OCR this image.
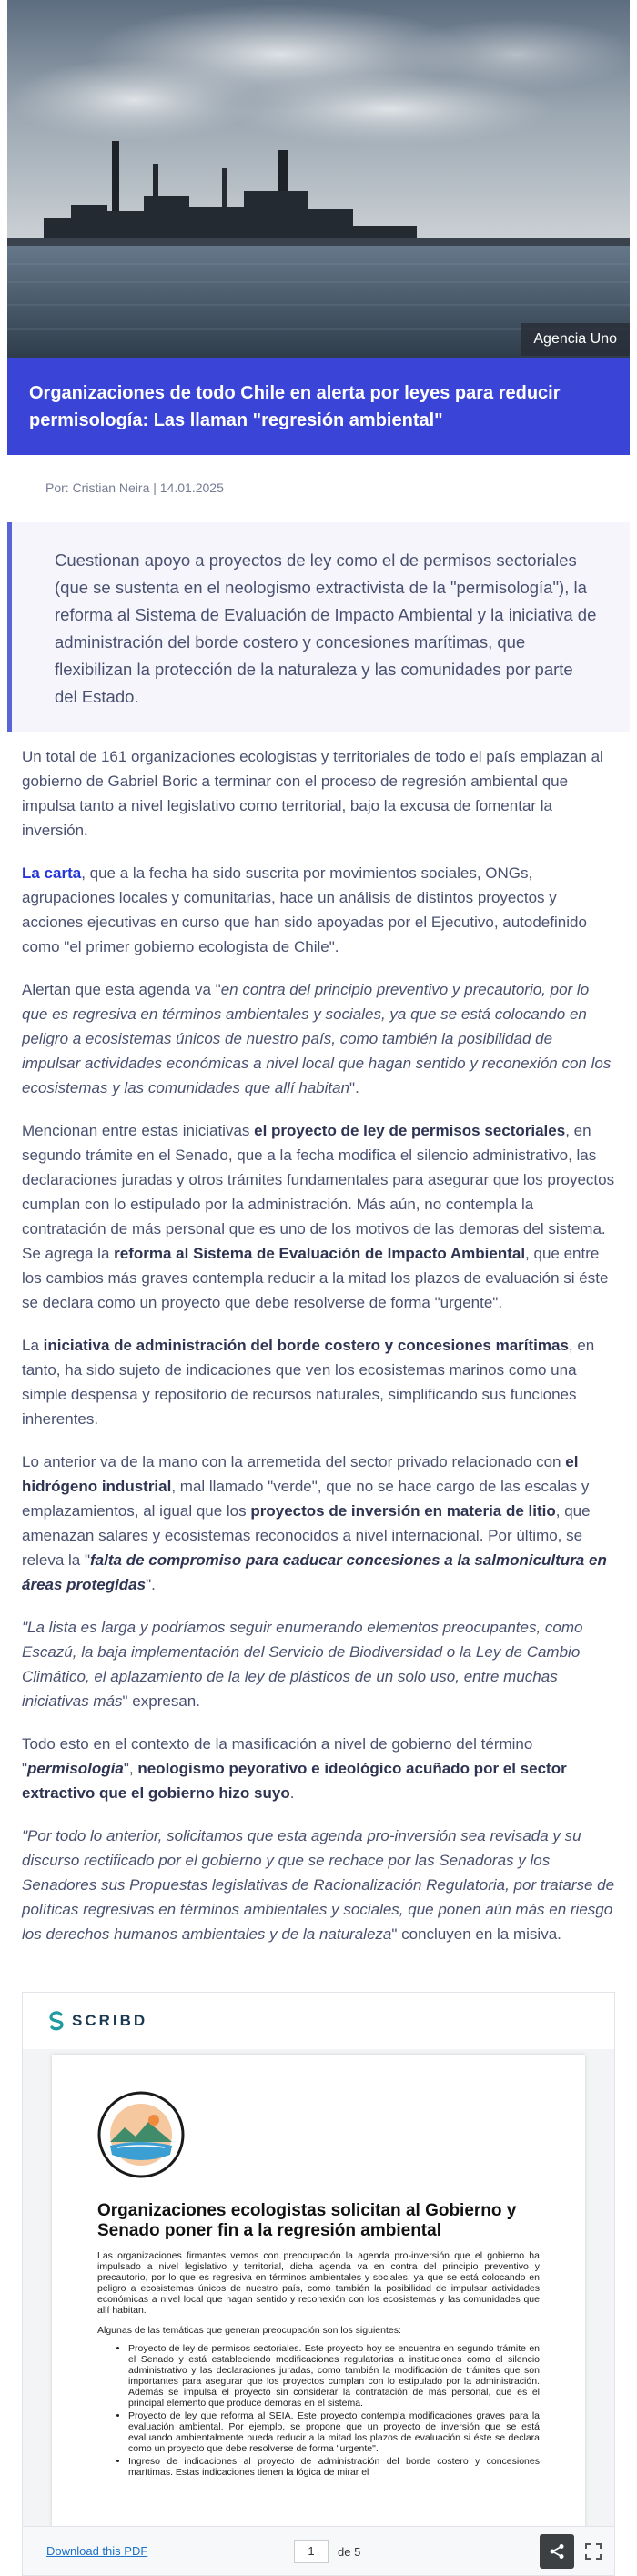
Agencia Uno
Organizaciones de todo Chile en alerta por leyes para reducir permisología: Las llaman "regresión ambiental"
Por: Cristian Neira | 14.01.2025

Cuestionan apoyo a proyectos de ley como el de permisos sectoriales (que se sustenta en el neologismo extractivista de la "permisología"), la reforma al Sistema de Evaluación de Impacto Ambiental y la iniciativa de administración del borde costero y concesiones marítimas, que flexibilizan la protección de la naturaleza y las comunidades por parte del Estado.

Un total de 161 organizaciones ecologistas y territoriales de todo el país emplazan al gobierno de Gabriel Boric a terminar con el proceso de regresión ambiental que impulsa tanto a nivel legislativo como territorial, bajo la excusa de fomentar la inversión.

La carta, que a la fecha ha sido suscrita por movimientos sociales, ONGs, agrupaciones locales y comunitarias, hace un análisis de distintos proyectos y acciones ejecutivas en curso que han sido apoyadas por el Ejecutivo, autodefinido como "el primer gobierno ecologista de Chile".

Alertan que esta agenda va "en contra del principio preventivo y precautorio, por lo que es regresiva en términos ambientales y sociales, ya que se está colocando en peligro a ecosistemas únicos de nuestro país, como también la posibilidad de impulsar actividades económicas a nivel local que hagan sentido y reconexión con los ecosistemas y las comunidades que allí habitan".

Mencionan entre estas iniciativas el proyecto de ley de permisos sectoriales, en segundo trámite en el Senado, que a la fecha modifica el silencio administrativo, las declaraciones juradas y otros trámites fundamentales para asegurar que los proyectos cumplan con lo estipulado por la administración. Más aún, no contempla la contratación de más personal que es uno de los motivos de las demoras del sistema. Se agrega la reforma al Sistema de Evaluación de Impacto Ambiental, que entre los cambios más graves contempla reducir a la mitad los plazos de evaluación si éste se declara como un proyecto que debe resolverse de forma "urgente".

La iniciativa de administración del borde costero y concesiones marítimas, en tanto, ha sido sujeto de indicaciones que ven los ecosistemas marinos como una simple despensa y repositorio de recursos naturales, simplificando sus funciones inherentes.

Lo anterior va de la mano con la arremetida del sector privado relacionado con el hidrógeno industrial, mal llamado "verde", que no se hace cargo de las escalas y emplazamientos, al igual que los proyectos de inversión en materia de litio, que amenazan salares y ecosistemas reconocidos a nivel internacional. Por último, se releva la "falta de compromiso para caducar concesiones a la salmonicultura en áreas protegidas".

"La lista es larga y podríamos seguir enumerando elementos preocupantes, como Escazú, la baja implementación del Servicio de Biodiversidad o la Ley de Cambio Climático, el aplazamiento de la ley de plásticos de un solo uso, entre muchas iniciativas más" expresan.

Todo esto en el contexto de la masificación a nivel de gobierno del término "permisología", neologismo peyorativo e ideológico acuñado por el sector extractivo que el gobierno hizo suyo.

"Por todo lo anterior, solicitamos que esta agenda pro-inversión sea revisada y su discurso rectificado por el gobierno y que se rechace por las Senadoras y los Senadores sus Propuestas legislativas de Racionalización Regulatoria, por tratarse de políticas regresivas en términos ambientales y sociales, que ponen aún más en riesgo los derechos humanos ambientales y de la naturaleza" concluyen en la misiva.

SCRIBD
Organizaciones ecologistas solicitan al Gobierno y Senado poner fin a la regresión ambiental

Las organizaciones firmantes vemos con preocupación la agenda pro-inversión que el gobierno ha impulsado a nivel legislativo y territorial, dicha agenda va en contra del principio preventivo y precautorio, por lo que es regresiva en términos ambientales y sociales, ya que se está colocando en peligro a ecosistemas únicos de nuestro país, como también la posibilidad de impulsar actividades económicas a nivel local que hagan sentido y reconexión con los ecosistemas y las comunidades que allí habitan.

Algunas de las temáticas que generan preocupación son los siguientes:

• Proyecto de ley de permisos sectoriales. Este proyecto hoy se encuentra en segundo trámite en el Senado y está estableciendo modificaciones regulatorias a instituciones como el silencio administrativo y las declaraciones juradas, como también la modificación de trámites que son importantes para asegurar que los proyectos cumplan con lo estipulado por la administración. Además se impulsa el proyecto sin considerar la contratación de más personal, que es el principal elemento que produce demoras en el sistema.
• Proyecto de ley que reforma al SEIA. Este proyecto contempla modificaciones graves para la evaluación ambiental. Por ejemplo, se propone que un proyecto de inversión que se está evaluando ambientalmente pueda reducir a la mitad los plazos de evaluación si éste se declara como un proyecto que debe resolverse de forma "urgente".
• Ingreso de indicaciones al proyecto de administración del borde costero y concesiones marítimas. Estas indicaciones tienen la lógica de mirar el
Download this PDF	1	de 5
